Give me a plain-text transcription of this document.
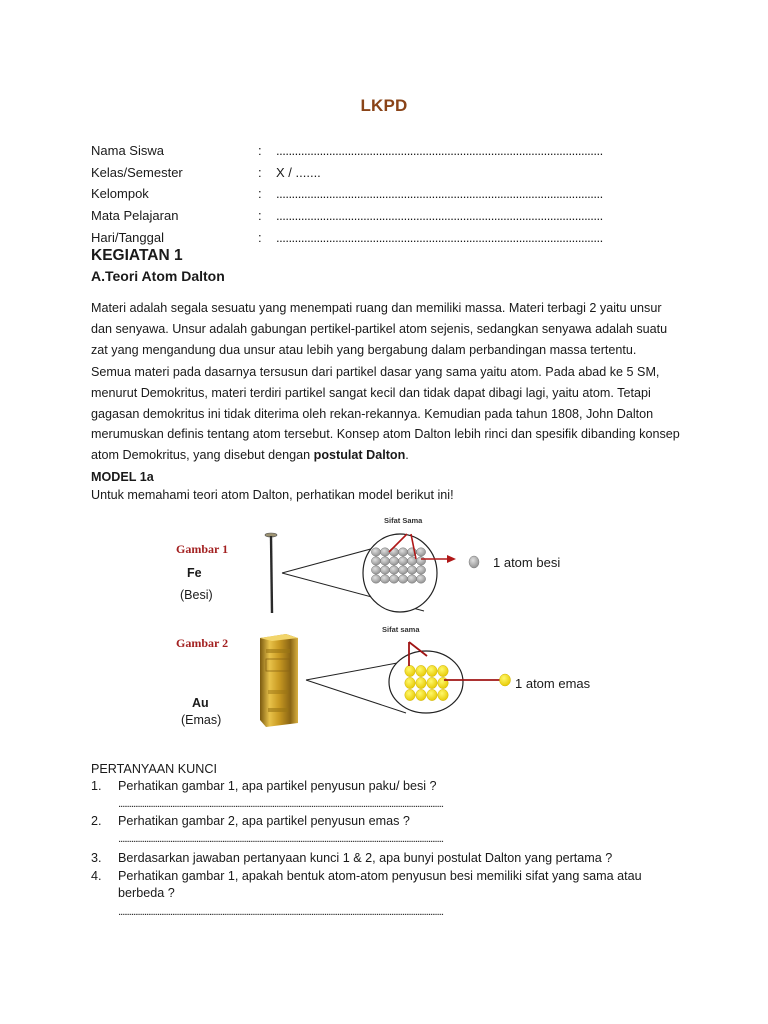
LKPD
Nama Siswa	: .........................................................................................................
Kelas/Semester	: X / .......
Kelompok	: .........................................................................................................
Mata Pelajaran	: .........................................................................................................
Hari/Tanggal	: .........................................................................................................
KEGIATAN 1
A.Teori Atom Dalton

Materi adalah segala sesuatu yang menempati ruang dan memiliki massa. Materi terbagi 2 yaitu unsur dan senyawa. Unsur adalah gabungan pertikel-partikel atom sejenis, sedangkan senyawa adalah suatu zat yang mengandung dua unsur atau lebih yang bergabung dalam perbandingan massa tertentu.

Semua materi pada dasarnya tersusun dari partikel dasar yang sama yaitu atom. Pada abad ke 5 SM, menurut Demokritus, materi terdiri partikel sangat kecil dan tidak dapat dibagi lagi, yaitu atom. Tetapi gagasan demokritus ini tidak diterima oleh rekan-rekannya. Kemudian pada tahun 1808, John Dalton merumuskan definis tentang atom tersebut. Konsep atom Dalton lebih rinci dan spesifik dibanding konsep atom Demokritus, yang disebut dengan postulat Dalton.

MODEL 1a
Untuk memahami teori atom Dalton, perhatikan model berikut ini!
Gambar 1
Fe
(Besi)
Sifat Sama
1 atom besi
Gambar 2
Au
(Emas)
Sifat sama
1 atom emas
PERTANYAAN KUNCI
1. Perhatikan gambar 1, apa partikel penyusun paku/ besi ?
...............................................................................................................................................................................
2. Perhatikan gambar 2, apa partikel penyusun emas ?
...............................................................................................................................................................................
3. Berdasarkan jawaban pertanyaan kunci 1 & 2, apa bunyi postulat Dalton yang pertama ?
4. Perhatikan gambar 1, apakah bentuk atom-atom penyusun besi memiliki sifat yang sama atau berbeda ?
...............................................................................................................................................................................
